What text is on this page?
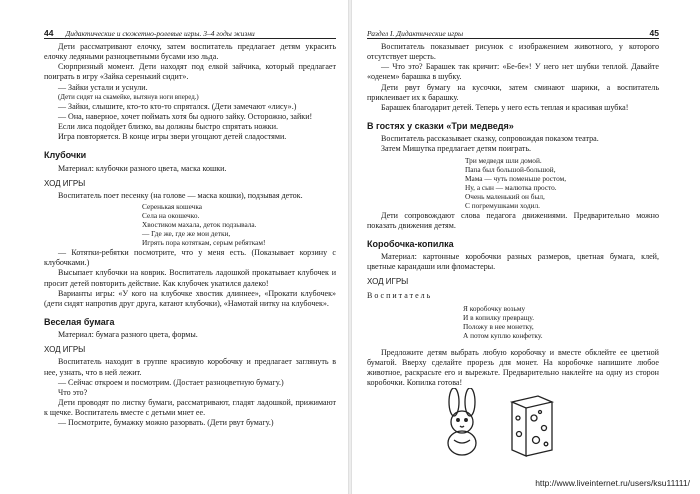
44 Дидактические и сюжетно-ролевые игры. 3–4 годы жизни

Дети рассматривают елочку, затем воспитатель предлагает детям украсить елочку ледяными разноцветными бусами изо льда.

Сюрпризный момент. Дети находят под елкой зайчика, который предлагает поиграть в игру «Зайка серенький сидит».

— Зайки устали и уснули.

(Дети сидят на скамейке, вытянув ноги вперед.)

— Зайки, слышите, кто-то кто-то спрятался. (Дети замечают «лису».)

— Она, наверное, хочет поймать хотя бы одного зайку. Осторожно, зайки!

Если лиса подойдет близко, вы должны быстро спрятать ножки.

Игра повторяется. В конце игры звери угощают детей сладостями.

Клубочки

Материал: клубочки разного цвета, маска кошки.

ХОД ИГРЫ

Воспитатель поет песенку (на голове — маска кошки), подзывая деток.

Серенькая кошечка
Села на окошечко.
Хвостиком махала, деток подзывала.
— Где же, где же мои детки,
Игрять пора котяткам, серым ребяткам!

— Котятки-ребятки посмотрите, что у меня есть. (Показывает корзину с клубочками.)

Высыпает клубочки на коврик. Воспитатель ладошкой прокатывает клубочек и просит детей повторить действие. Как клубочек укатился далеко!

Варианты игры: «У кого на клубочке хвостик длиннее», «Прокати клубочек» (дети сидят напротив друг друга, катают клубочки), «Намотай нитку на клубочек».

Веселая бумага

Материал: бумага разного цвета, формы.

ХОД ИГРЫ

Воспитатель находит в группе красивую коробочку и предлагает заглянуть в нее, узнать, что в ней лежит.

— Сейчас откроем и посмотрим. (Достает разноцветную бумагу.)

Что это?

Дети проводят по листку бумаги, рассматривают, гладят ладошкой, прижимают к щечке. Воспитатель вместе с детьми мнет ее.

— Посмотрите, бумажку можно разорвать. (Дети рвут бумагу.)

Раздел I. Дидактические игры	45

Воспитатель показывает рисунок с изображением животного, у которого отсутствует шерсть.

— Что это? Барашек так кричит: «Бе-бе»! У него нет шубки теплой. Давайте «оденем» барашка в шубку.

Дети рвут бумагу на кусочки, затем сминают шарики, а воспитатель приклеивает их к барашку.

Барашек благодарит детей. Теперь у него есть теплая и красивая шубка!

В гостях у сказки «Три медведя»

Воспитатель рассказывает сказку, сопровождая показом театра.

Затем Мишутка предлагает детям поиграть.

Три медведя шли домой.
Папа был большой-большой,
Мама — чуть поменьше ростом,
Ну, а сын — малютка просто.
Очень маленький он был,
С погремушками ходил.

Дети сопровождают слова педагога движениями. Предварительно можно показать движения детям.

Коробочка-копилка

Материал: картонные коробочки разных размеров, цветная бумага, клей, цветные карандаши или фломастеры.

ХОД ИГРЫ
Воспитатель
Я коробочку возьму
И в копилку превращу.
Положу в нее монетку,
А потом куплю конфетку.

Предложите детям выбрать любую коробочку и вместе обклейте ее цветной бумагой. Вверху сделайте прорезь для монет. На коробочке напишите любое животное, раскрасьте его и вырежьте. Предварительно наклейте на одну из сторон коробочки. Копилка готова!

http://www.liveinternet.ru/users/ksu11111/
